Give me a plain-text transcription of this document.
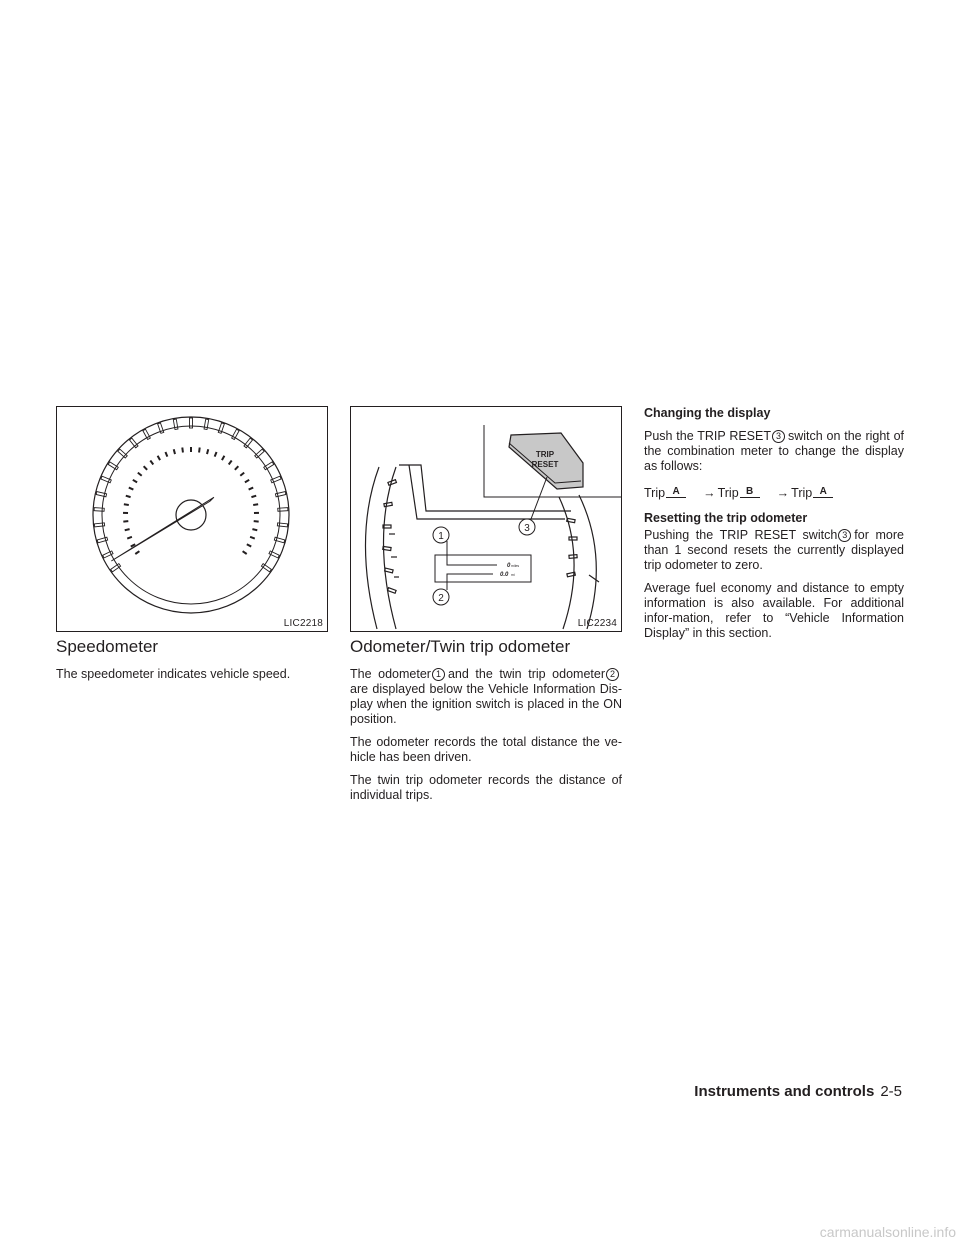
LIC2218
TRIP
RESET
3
0 miles
0.0 mi
1
2
LIC2234
Speedometer

The speedometer indicates vehicle speed.

Odometer/Twin trip odometer

The odometer 1 and the twin trip odometer 2are displayed below the Vehicle Information Dis-play when the ignition switch is placed in the ON position.

The odometer records the total distance the ve-hicle has been driven.

The twin trip odometer records the distance of individual trips.

Changing the display

Push the TRIP RESET 3 switch on the right of the combination meter to change the display as follows:

Trip A → Trip B → Trip A

Resetting the trip odometer

Pushing the TRIP RESET switch 3 for more than 1 second resets the currently displayed trip odometer to zero.

Average fuel economy and distance to empty information is also available. For additional infor-mation, refer to “Vehicle Information Display” in this section.

Instruments and controls 2-5
carmanualsonline.info
